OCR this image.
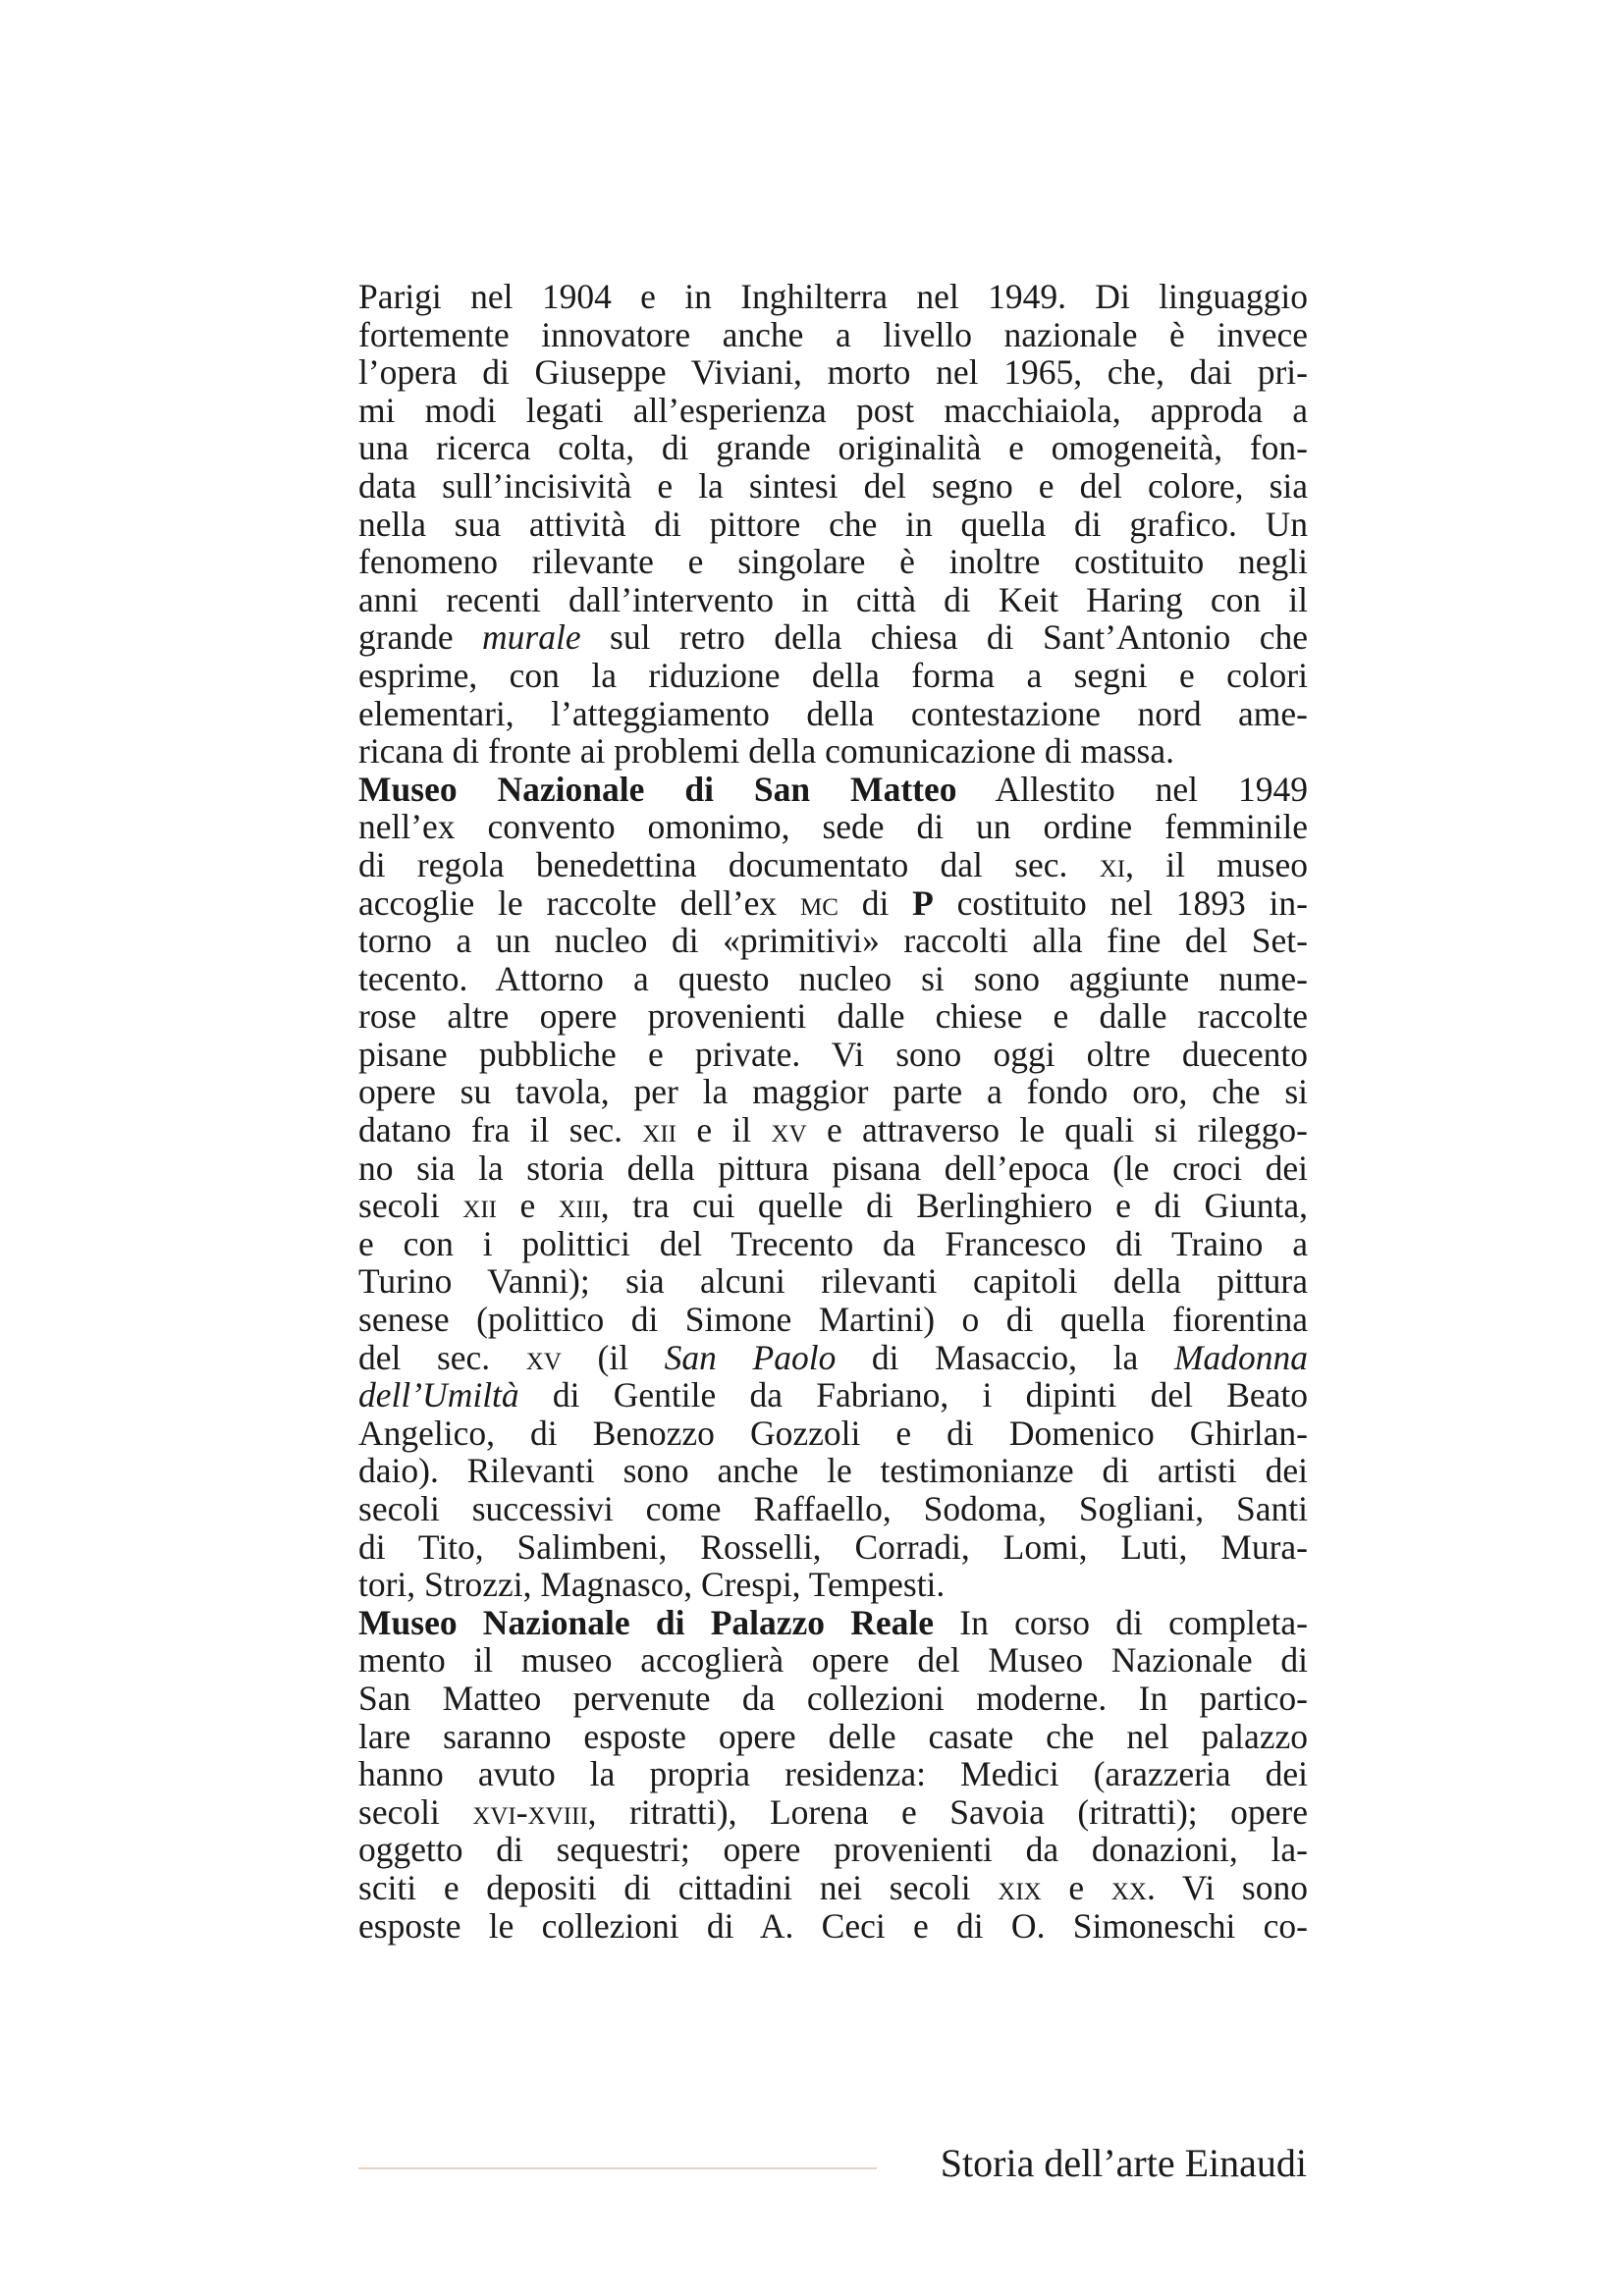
Parigi nel 1904 e in Inghilterra nel 1949. Di linguaggio
fortemente innovatore anche a livello nazionale è invece
l’opera di Giuseppe Viviani, morto nel 1965, che, dai pri-
mi modi legati all’esperienza post macchiaiola, approda a
una ricerca colta, di grande originalità e omogeneità, fon-
data sull’incisività e la sintesi del segno e del colore, sia
nella sua attività di pittore che in quella di grafico. Un
fenomeno rilevante e singolare è inoltre costituito negli
anni recenti dall’intervento in città di Keit Haring con il
grande murale sul retro della chiesa di Sant’Antonio che
esprime, con la riduzione della forma a segni e colori
elementari, l’atteggiamento della contestazione nord ame-
ricana di fronte ai problemi della comunicazione di massa.
Museo Nazionale di San Matteo Allestito nel 1949
nell’ex convento omonimo, sede di un ordine femminile
di regola benedettina documentato dal sec. xi, il museo
accoglie le raccolte dell’ex mc di P costituito nel 1893 in-
torno a un nucleo di «primitivi» raccolti alla fine del Set-
tecento. Attorno a questo nucleo si sono aggiunte nume-
rose altre opere provenienti dalle chiese e dalle raccolte
pisane pubbliche e private. Vi sono oggi oltre duecento
opere su tavola, per la maggior parte a fondo oro, che si
datano fra il sec. xii e il xv e attraverso le quali si rileggo-
no sia la storia della pittura pisana dell’epoca (le croci dei
secoli xii e xiii, tra cui quelle di Berlinghiero e di Giunta,
e con i polittici del Trecento da Francesco di Traino a
Turino Vanni); sia alcuni rilevanti capitoli della pittura
senese (polittico di Simone Martini) o di quella fiorentina
del sec. xv (il San Paolo di Masaccio, la Madonna
dell’Umiltà di Gentile da Fabriano, i dipinti del Beato
Angelico, di Benozzo Gozzoli e di Domenico Ghirlan-
daio). Rilevanti sono anche le testimonianze di artisti dei
secoli successivi come Raffaello, Sodoma, Sogliani, Santi
di Tito, Salimbeni, Rosselli, Corradi, Lomi, Luti, Mura-
tori, Strozzi, Magnasco, Crespi, Tempesti.
Museo Nazionale di Palazzo Reale In corso di completa-
mento il museo accoglierà opere del Museo Nazionale di
San Matteo pervenute da collezioni moderne. In partico-
lare saranno esposte opere delle casate che nel palazzo
hanno avuto la propria residenza: Medici (arazzeria dei
secoli xvi-xviii, ritratti), Lorena e Savoia (ritratti); opere
oggetto di sequestri; opere provenienti da donazioni, la-
sciti e depositi di cittadini nei secoli xix e xx. Vi sono
esposte le collezioni di A. Ceci e di O. Simoneschi co-
Storia dell’arte Einaudi
